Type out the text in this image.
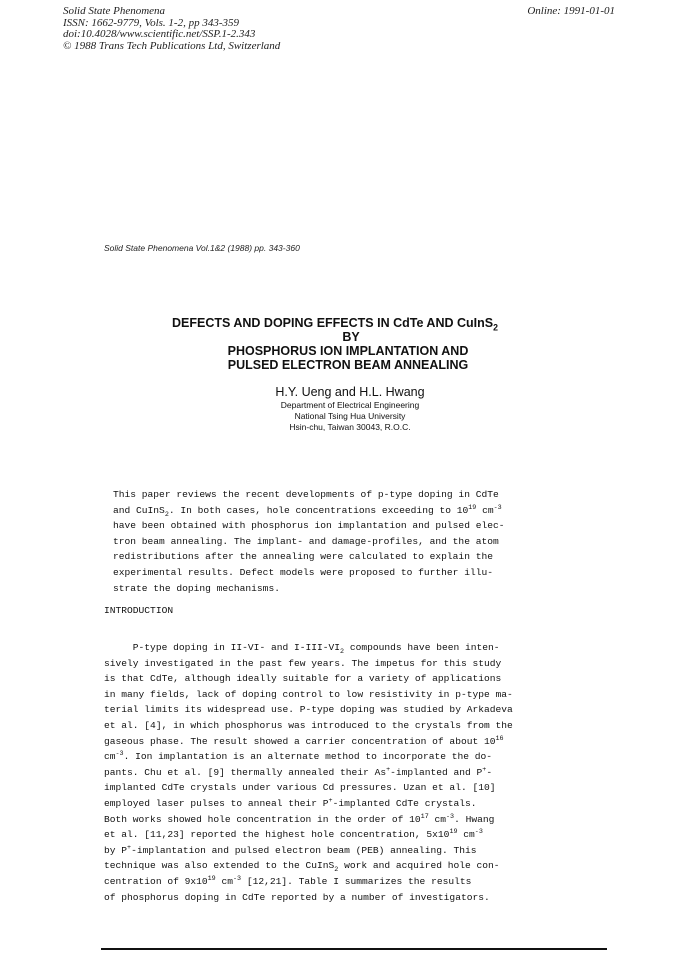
Solid State Phenomena
ISSN: 1662-9779, Vols. 1-2, pp 343-359
doi:10.4028/www.scientific.net/SSP.1-2.343
© 1988 Trans Tech Publications Ltd, Switzerland
Online: 1991-01-01
Solid State Phenomena Vol.1&2 (1988) pp. 343-360
DEFECTS AND DOPING EFFECTS IN CdTe AND CuInS$_2$
BY
PHOSPHORUS ION IMPLANTATION AND
PULSED ELECTRON BEAM ANNEALING
H.Y. Ueng and H.L. Hwang
Department of Electrical Engineering
National Tsing Hua University
Hsin-chu, Taiwan 30043, R.O.C.
This paper reviews the recent developments of p-type doping in CdTe
and CuInS$_2$. In both cases, hole concentrations exceeding to $10^{19}$ $cm^{-3}$
have been obtained with phosphorus ion implantation and pulsed elec-
tron beam annealing. The implant- and damage-profiles, and the atom
redistributions after the annealing were calculated to explain the
experimental results. Defect models were proposed to further illu-
strate the doping mechanisms.
INTRODUCTION
P-type doping in II-VI- and $I-III-VI_2$ compounds have been inten-
sively investigated in the past few years. The impetus for this study
is that CdTe, although ideally suitable for a variety of applications
in many fields, lack of doping control to low resistivity in p-type ma-
terial limits its widespread use. P-type doping was studied by Arkadeva
et al. [4], in which phosphorus was introduced to the crystals from the
gaseous phase. The result showed a carrier concentration of about $10^{16}$
$cm^{-3}$. Ion implantation is an alternate method to incorporate the do-
pants. Chu et al. [9] thermally annealed their As+-implanted and P+-
implanted CdTe crystals under various Cd pressures. Uzan et al. [10]
employed laser pulses to anneal their P+-implanted CdTe crystals.
Both works showed hole concentration in the order of $10^{17}$ $cm^{-3}$. Hwang
et al. [11,23] reported the highest hole concentration, $5x10^{19}$ $cm^{-3}$
by P+-implantation and pulsed electron beam (PEB) annealing. This
technique was also extended to the CuInS$_2$ work and acquired hole con-
centration of $9x10^{19}$ $cm^{-3}$ [12,21]. Table I summarizes the results
of phosphorus doping in CdTe reported by a number of investigators.
